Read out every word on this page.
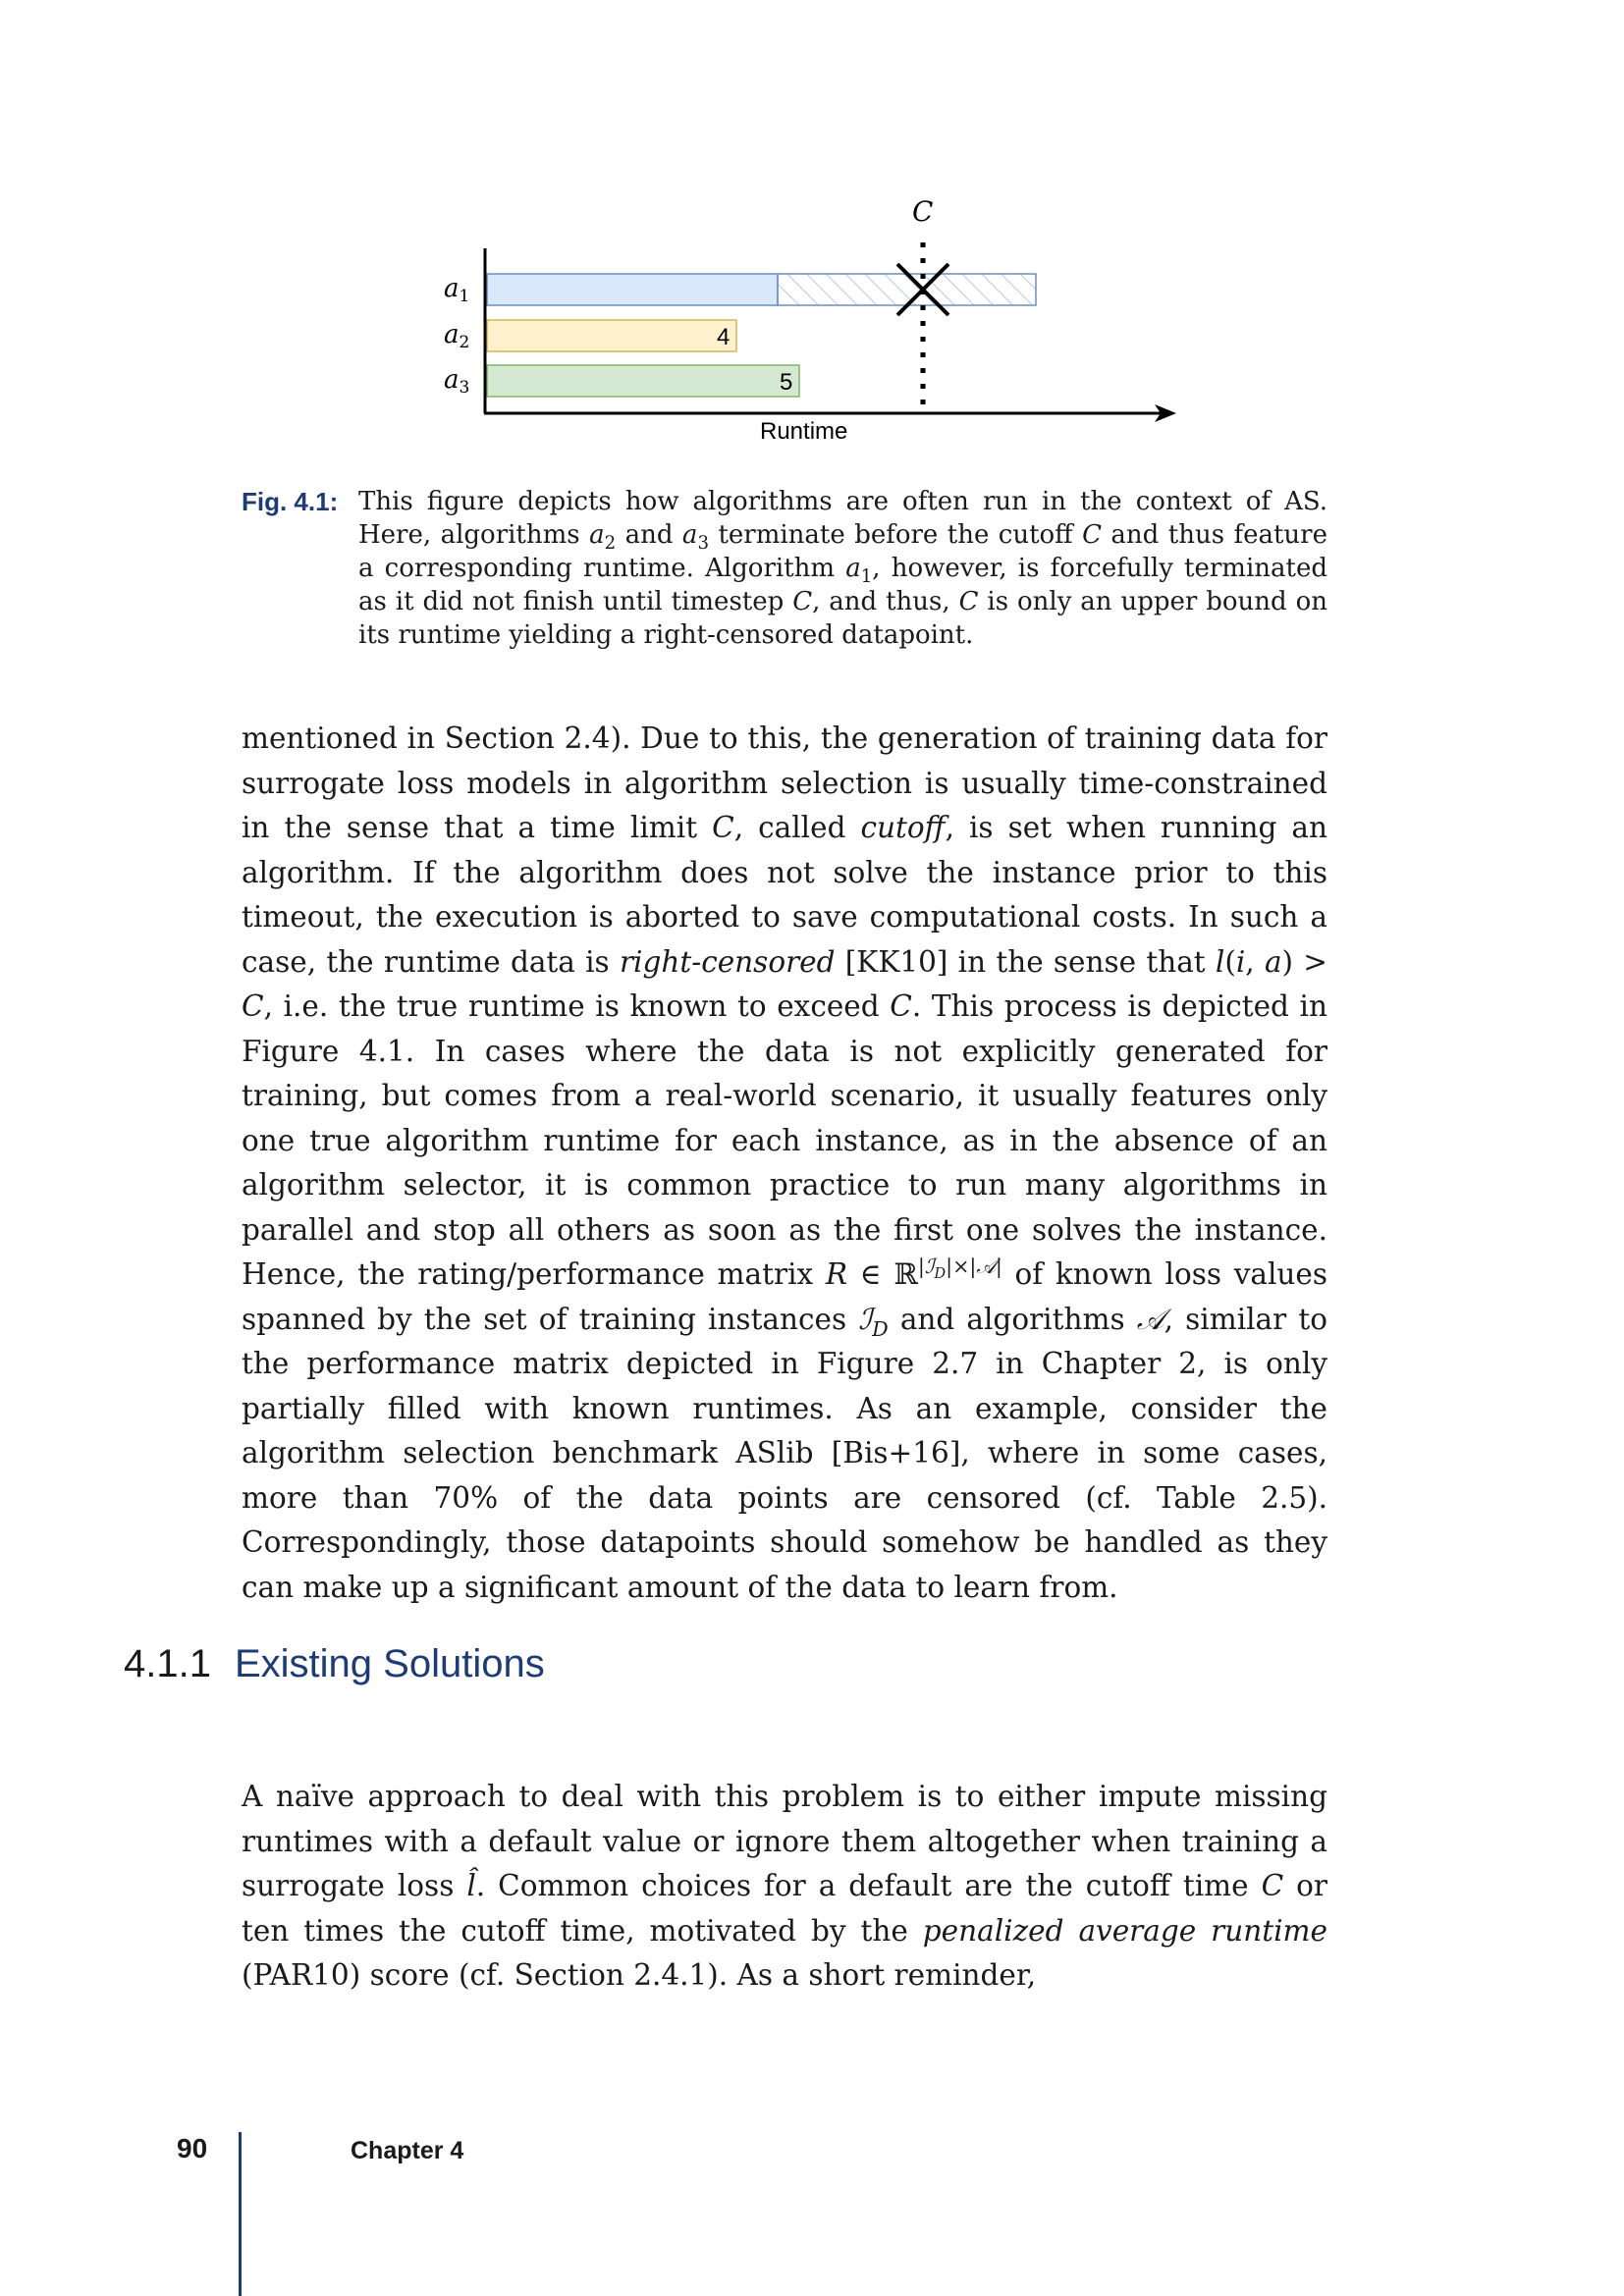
a1
a2
a3
4
5
Runtime
C
Fig. 4.1: This figure depicts how algorithms are often run in the context of AS. Here, algorithms $a_2$ and $a_3$ terminate before the cutoff C and thus feature a corresponding runtime. Algorithm $a_1$, however, is forcefully terminated as it did not finish until timestep C, and thus, C is only an upper bound on its runtime yielding a right-censored datapoint.

mentioned in Section 2.4). Due to this, the generation of training data for surrogate loss models in algorithm selection is usually time-constrained in the sense that a time limit C, called cutoff, is set when running an algorithm. If the algorithm does not solve the instance prior to this timeout, the execution is aborted to save computational costs. In such a case, the runtime data is right-censored [KK10] in the sense that l(i, a) > C, i.e. the true runtime is known to exceed C. This process is depicted in Figure 4.1. In cases where the data is not explicitly generated for training, but comes from a real-world scenario, it usually features only one true algorithm runtime for each instance, as in the absence of an algorithm selector, it is common practice to run many algorithms in parallel and stop all others as soon as the first one solves the instance. Hence, the rating/performance matrix R ∈ ℝ$^{|ℐ_D|\times|𝒜|}$ of known loss values spanned by the set of training instances ℐ$_D$ and algorithms 𝒜, similar to the performance matrix depicted in Figure 2.7 in Chapter 2, is only partially filled with known runtimes. As an example, consider the algorithm selection benchmark ASlib [Bis+16], where in some cases, more than 70% of the data points are censored (cf. Table 2.5). Correspondingly, those datapoints should somehow be handled as they can make up a significant amount of the data to learn from.

4.1.1 Existing Solutions

A naïve approach to deal with this problem is to either impute missing runtimes with a default value or ignore them altogether when training a surrogate loss l̂. Common choices for a default are the cutoff time C or ten times the cutoff time, motivated by the penalized average runtime (PAR10) score (cf. Section 2.4.1). As a short reminder,

90	Chapter 4
